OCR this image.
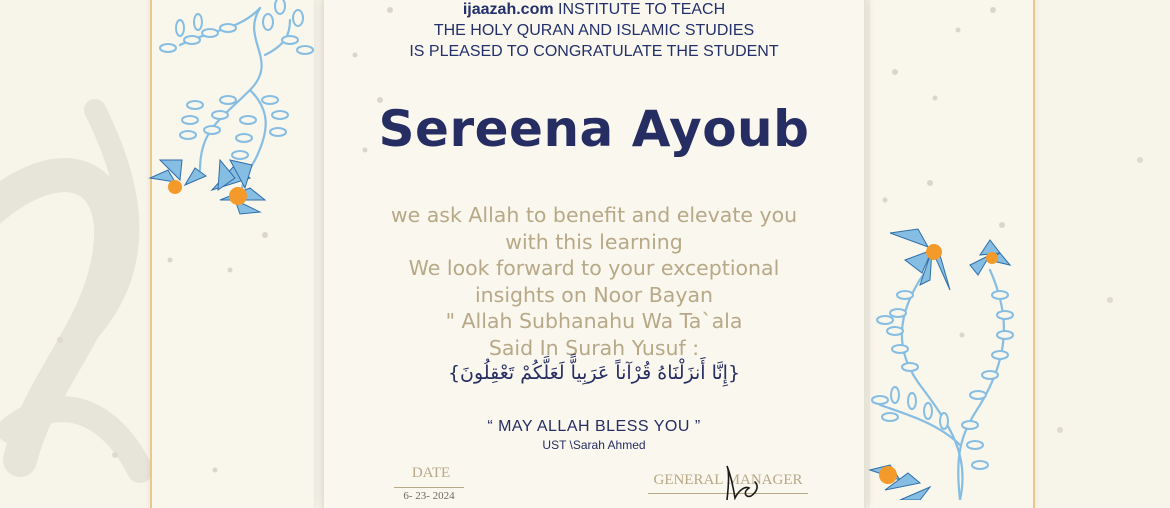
ijaazah.com INSTITUTE TO TEACH
THE HOLY QURAN AND ISLAMIC STUDIES
IS PLEASED TO CONGRATULATE THE STUDENT
Sereena Ayoub
we ask Allah to benefit and elevate you
with this learning
We look forward to your exceptional
insights on Noor Bayan
" Allah Subhanahu Wa Ta`ala
Said In Surah Yusuf :
{إِنَّا أَنزَلْنَاهُ قُرْآناً عَرَبِياًّ لَعَلَّكُمْ تَعْقِلُونَ}
“ MAY ALLAH BLESS YOU ”
UST \Sarah Ahmed
DATE
6- 23- 2024
GENERAL MANAGER
